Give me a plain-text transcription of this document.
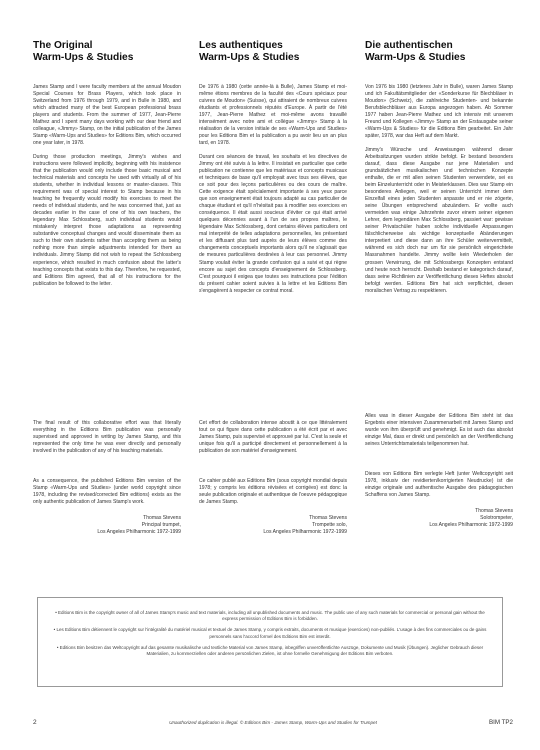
The Original
Warm-Ups & Studies

James Stamp and I were faculty members at the annual Moudon Special Courses for Brass Players, which took place in Switzerland from 1976 through 1979, and in Bulle in 1980, and which attracted many of the best European professional brass players and students. From the summer of 1977, Jean-Pierre Mathez and I spent many days working with our dear friend and colleague, «Jimmy» Stamp, on the initial publication of the James Stamp «Warm-Ups and Studies» for Editions Bim, which occurred one year later, in 1978.

During those production meetings, Jimmy's wishes and instructions were followed implicitly, beginning with his insistence that the publication would only include those basic musical and technical materials and concepts he used with virtually all of his students, whether in individual lessons or master-classes. This requirement was of special interest to Stamp because in his teaching he frequently would modify his exercises to meet the needs of individual students, and he was concerned that, just as decades earlier in the case of one of his own teachers, the legendary Max Schlossberg, such individual students would mistakenly interpret those adaptations as representing substantive conceptual changes and would disseminate them as such to their own students rather than accepting them as being nothing more than simple adjustments intended for them as individuals. Jimmy Stamp did not wish to repeat the Schlossberg experience, which resulted in much confusion about the latter's teaching concepts that exists to this day. Therefore, he requested, and Editions Bim agreed, that all of his instructions for the publication be followed to the letter.

The final result of this collaborative effort was that literally everything in the Editions Bim publication was personally supervised and approved in writing by James Stamp, and this represented the only time he was ever directly and personally involved in the publication of any of his teaching materials.

As a consequence, the published Editions Bim version of the Stamp «Warm-Ups and Studies» (under world copyright since 1978, including the revised/corrected Bim editions) exists as the only authentic publication of James Stamp's work.

Thomas Stevens
Principal trumpet,
Los Angeles Philharmonic 1972-1999
Les authentiques
Warm-Ups & Studies

De 1976 à 1980 (cette année-là à Bulle), James Stamp et moi-même étions membres de la faculté des «Cours spéciaux pour cuivres de Moudon» (Suisse), qui attiraient de nombreux cuivres étudiants et professionnels réputés d'Europe. À partir de l'été 1977, Jean-Pierre Mathez et moi-même avons travaillé intensément avec notre ami et collègue «Jimmy» Stamp à la réalisation de la version initiale de ses «Warm-Ups and Studies» pour les Editions Bim et la publication a pu avoir lieu un an plus tard, en 1978.

Durant ces séances de travail, les souhaits et les directives de Jimmy ont été suivis à la lettre. Il insistait en particulier que cette publication ne contienne que les matériaux et concepts musicaux et techniques de base qu'il employait avec tous ses élèves, que ce soit pour des leçons particulières ou des cours de maître. Cette exigence était spécialement importante à ses yeux parce que son enseignement était toujours adapté au cas particulier de chaque étudiant et qu'il n'hésitait pas à modifier ses exercices en conséquence. Il était aussi soucieux d'éviter ce qui était arrivé quelques décennies avant à l'un de ses propres maîtres, le légendaire Max Schlossberg, dont certains élèves particuliers ont mal interprété de telles adaptations personnelles, les présentant et les diffusant plus tard auprès de leurs élèves comme des changements conceptuels importants alors qu'il ne s'agissait que de mesures particulières destinées à leur cas personnel. Jimmy Stamp voulait éviter la grande confusion qui a suivi et qui règne encore au sujet des concepts d'enseignement de Schlossberg. C'est pourquoi il exigea que toutes ses instructions pour l'édition du présent cahier soient suivies à la lettre et les Editions Bim s'engagèrent à respecter ce contrat moral.

Cet effort de collaboration intense aboutit à ce que littéralement tout ce qui figure dans cette publication a été écrit par et avec James Stamp, puis supervisé et approuvé par lui. C'est la seule et unique fois qu'il a participé directement et personnellement à la publication de son matériel d'enseignement.

Ce cahier publié aux Editions Bim (sous copyright mondial depuis 1978; y compris les éditions révisées et corrigées) est donc la seule publication originale et authentique de l'oeuvre pédagogique de James Stamp.

Thomas Stevens
Trompette solo,
Los Angeles Philharmonic 1972-1999
Die authentischen
Warm-Ups & Studies

Von 1976 bis 1980 (letzteres Jahr in Bulle), waren James Stamp und ich Fakultätsmitglieder der «Sonderkurse für Blechbläser in Moudon» (Schweiz), die zahlreiche Studenten- und bekannte Berufsblechbläser aus Europa angezogen haben. Ab Sommer 1977 haben Jean-Pierre Mathez und ich intensiv mit unserem Freund und Kollegen «Jimmy» Stamp an der Erstausgabe seiner «Warm-Ups & Studies» für die Editions Bim gearbeitet. Ein Jahr später, 1978, war das Heft auf dem Markt.

Jimmy's Wünsche und Anweisungen während dieser Arbeitssitzungen wurden strikte befolgt. Er bestand besonders darauf, dass diese Ausgabe nur jene Materialien und grundsätzlichen musikalischen und technischen Konzepte enthalte, die er mit allen seinen Studenten verwendete, sei es beim Einzelunterricht oder in Meisterklassen. Dies war Stamp ein besonderes Anliegen, weil er seinen Unterricht immer dem Einzelfall eines jeden Studenten anpasste und er nie zögerte, seine Übungen entsprechend abzuändern. Er wollte auch vermeiden was einige Jahrzehnte zuvor einem seiner eigenen Lehrer, dem legendären Max Schlossberg, passiert war: gewisse seiner Privatschüler haben solche individuelle Anpassungen fälschlicherweise als wichtige konzeptuelle Abänderungen interpretiert und diese dann an ihre Schüler weitervermittelt, während es sich doch nur um für sie persönlich eingerichtete Massnahmen handelte. Jimmy wollte kein Wiederholen der grossen Verwirrung, die mit Schlossbergs Konzepten entstand und heute noch herrscht. Deshalb bestand er kategorisch darauf, dass seine Richtlinien zur Veröffentlichung dieses Heftes absolut befolgt werden. Editions Bim hat sich verpflichtet, diesen moralischen Vertrag zu respektieren.

Alles was in dieser Ausgabe der Editions Bim steht ist das Ergebnis einer intensiven Zusammenarbeit mit James Stamp und wurde von ihm überprüft und genehmigt. Es ist auch das absolut einzige Mal, dass er direkt und persönlich an der Veröffentlichung seines Unterrichtsmaterials teilgenommen hat.

Dieses von Editions Bim verlegte Heft (unter Weltcopyright seit 1978, inklusiv der revidierten/korrigierten Neudrucke) ist die einzige originale und authentische Ausgabe des pädagogischen Schaffens von James Stamp.

Thomas Stevens
Solotrompeter,
Los Angeles Philharmonic 1972-1999

• Editions Bim is the copyright owner of all of James Stamp's music and text materials, including all unpublished documents and music. The public use of any such materials for commercial or personal gain without the express permission of Editions Bim is forbidden.

• Les Editions Bim détiennent le copyright sur l'intégralité du matériel musical et textuel de James Stamp, y compris extraits, documents et musique (exercices) non-publiés. L'usage à des fins commerciales ou de gains personnels sans l'accord formel des Editions Bim est interdit.

• Editions Bim besitzen das Weltcopyright auf das gesamte musikalische und textliche Material von James Stamp, inbegriffen unveröffentlichte Auszüge, Dokumente und Musik (Übungen). Jeglicher Gebrauch dieser Materialien, zu kommerziellen oder anderen persönlichen Zielen, ist ohne formelle Genehmigung der Editions Bim verboten.

2	Unauthorized duplication is illegal. © Editions Bim - James Stamp, Warm-Ups and Studies for Trumpet	BIM TP2
